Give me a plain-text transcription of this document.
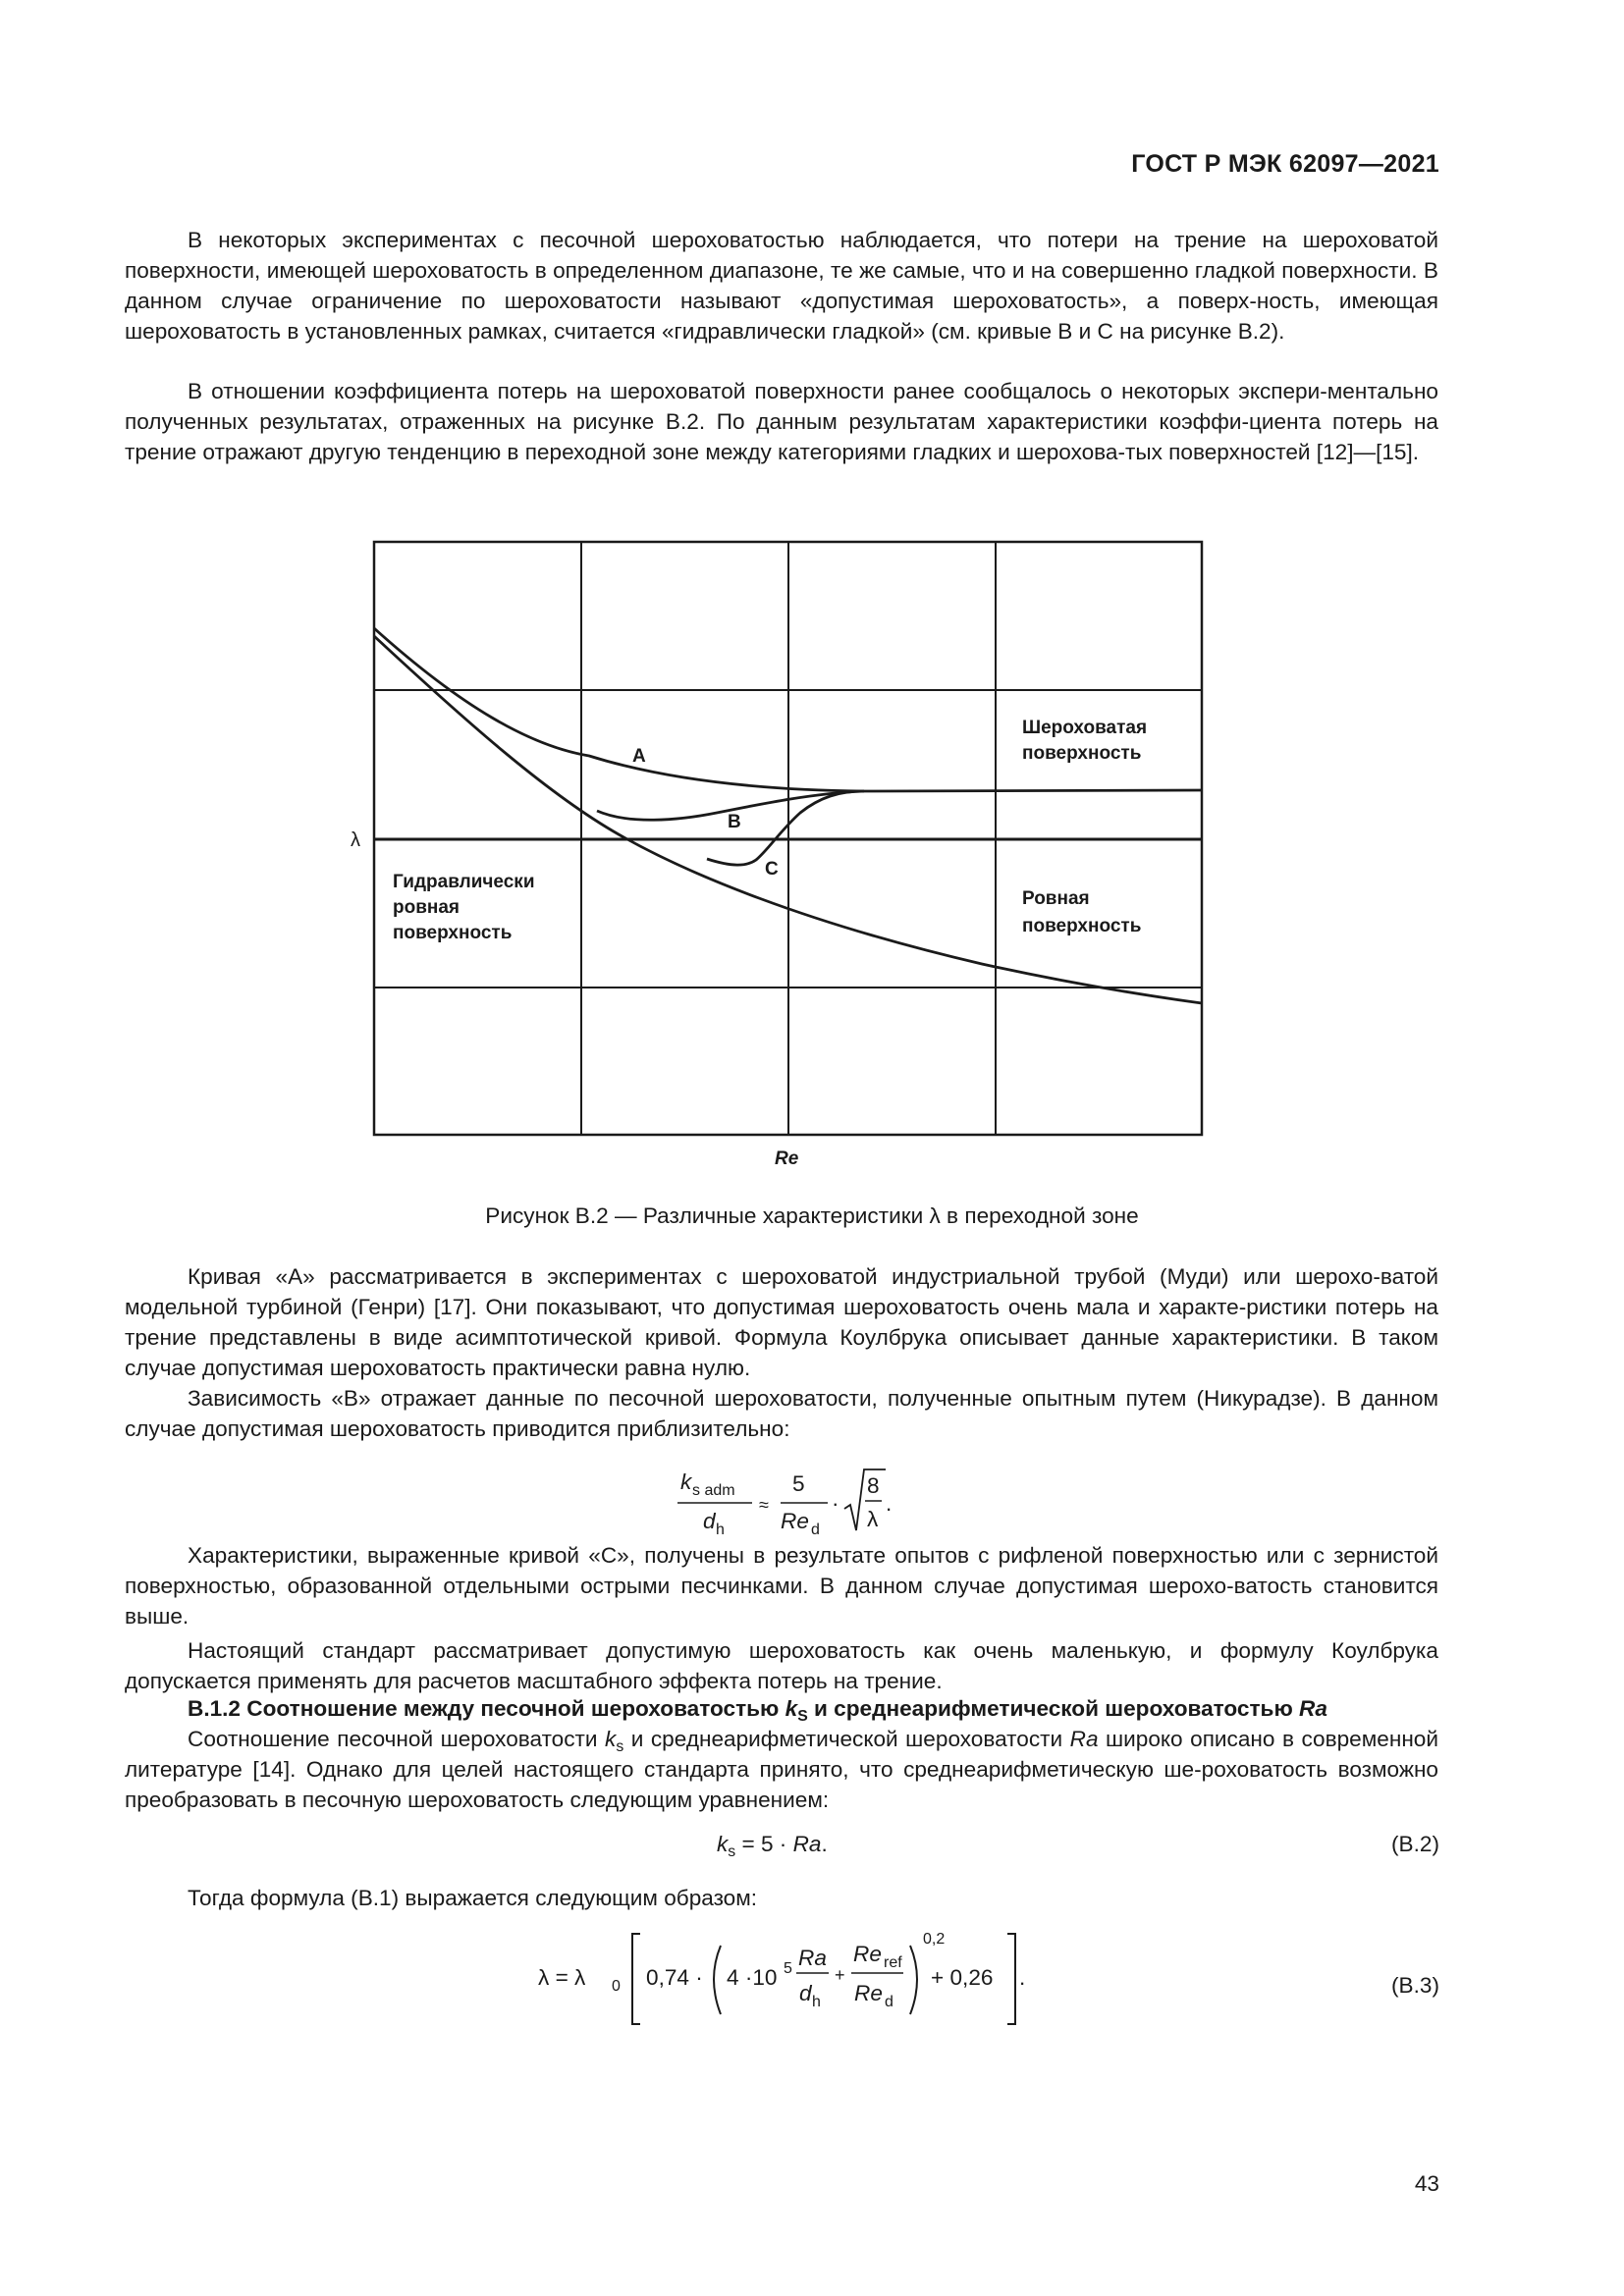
ГОСТ Р МЭК 62097—2021

В некоторых экспериментах с песочной шероховатостью наблюдается, что потери на трение на шероховатой поверхности, имеющей шероховатость в определенном диапазоне, те же самые, что и на совершенно гладкой поверхности. В данном случае ограничение по шероховатости называют «допустимая шероховатость», а поверх-ность, имеющая шероховатость в установленных рамках, считается «гидравлически гладкой» (см. кривые В и С на рисунке В.2).

В отношении коэффициента потерь на шероховатой поверхности ранее сообщалось о некоторых экспери-ментально полученных результатах, отраженных на рисунке В.2. По данным результатам характеристики коэффи-циента потерь на трение отражают другую тенденцию в переходной зоне между категориями гладких и шерохова-тых поверхностей [12]—[15].

λ
Re
A
B
C
Шероховатая
поверхность
Гидравлически
ровная
поверхность
Ровная
поверхность
Рисунок В.2 — Различные характеристики λ в переходной зоне

Кривая «А» рассматривается в экспериментах с шероховатой индустриальной трубой (Муди) или шерохо-ватой модельной турбиной (Генри) [17]. Они показывают, что допустимая шероховатость очень мала и характе-ристики потерь на трение представлены в виде асимптотической кривой. Формула Коулбрука описывает данные характеристики. В таком случае допустимая шероховатость практически равна нулю.

Зависимость «В» отражает данные по песочной шероховатости, полученные опытным путем (Никурадзе). В данном случае допустимая шероховатость приводится приблизительно:

k s adm
d h
≈
5
Re d
·
8
λ
.

Характеристики, выраженные кривой «С», получены в результате опытов с рифленой поверхностью или с зернистой поверхностью, образованной отдельными острыми песчинками. В данном случае допустимая шерохо-ватость становится выше.

Настоящий стандарт рассматривает допустимую шероховатость как очень маленькую, и формулу Коулбрука допускается применять для расчетов масштабного эффекта потерь на трение.

В.1.2 Соотношение между песочной шероховатостью $k_S$ и среднеарифметической шероховатостью Ra

Соотношение песочной шероховатости $k_s$ и среднеарифметической шероховатости Ra широко описано в современной литературе [14]. Однако для целей настоящего стандарта принято, что среднеарифметическую ше-роховатость возможно преобразовать в песочную шероховатость следующим уравнением:

$k_s = 5 \cdot Ra$.	(В.2)

Тогда формула (В.1) выражается следующим образом:

λ = λ 0 0,74 · 4 ·10 5 Ra
d h
+
Re ref
Re d
0,2
+ 0,26 .	(В.3)
43
